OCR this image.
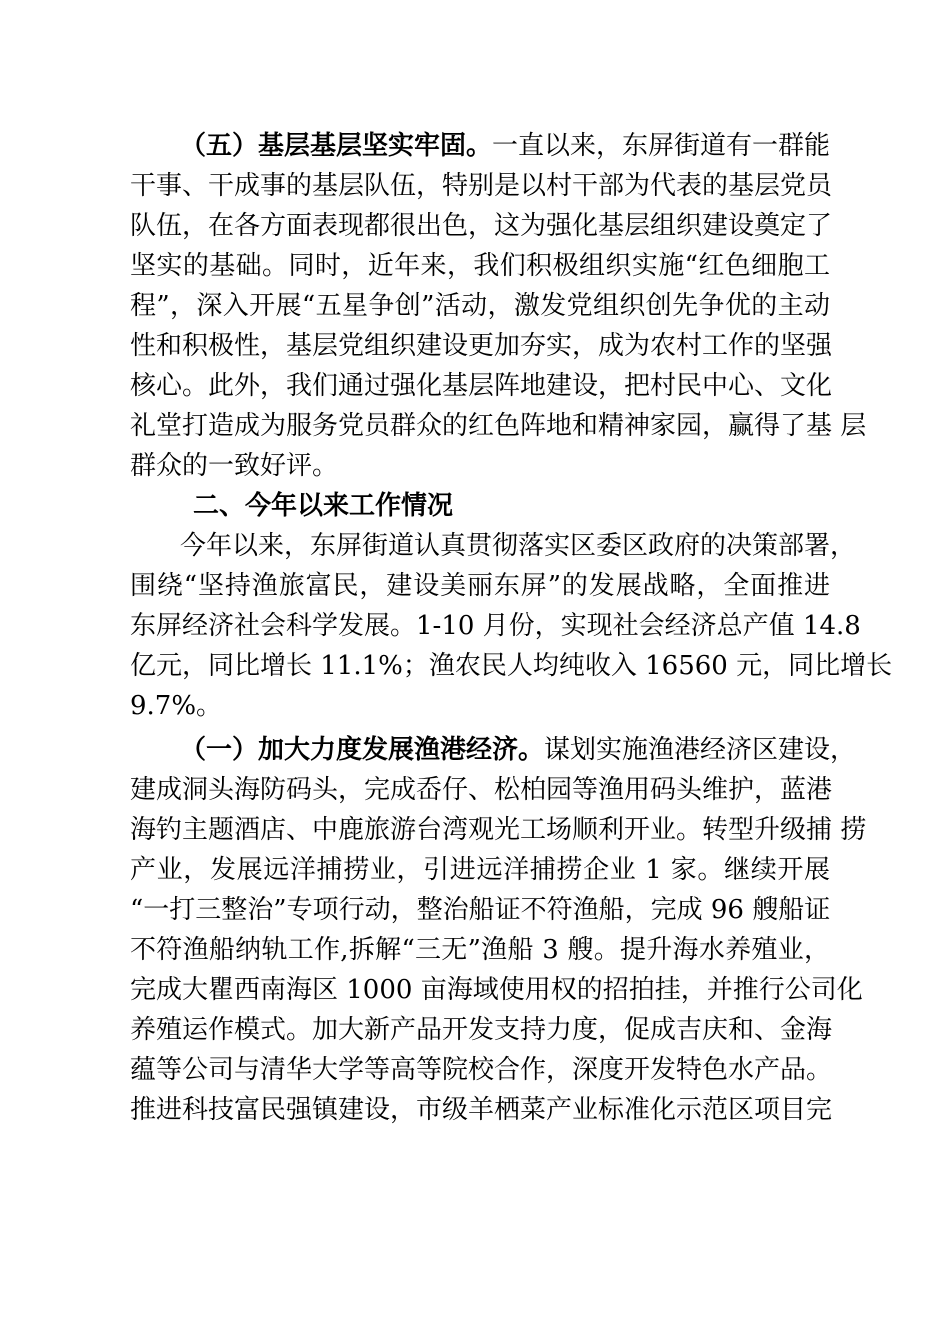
（五）基层基层坚实牢固。一直以来，东屏街道有一群能
干事、干成事的基层队伍，特别是以村干部为代表的基层党员
队伍，在各方面表现都很出色，这为强化基层组织建设奠定了
坚实的基础。同时，近年来，我们积极组织实施“红色细胞工
程”，深入开展“五星争创”活动，激发党组织创先争优的主动
性和积极性，基层党组织建设更加夯实，成为农村工作的坚强
核心。此外，我们通过强化基层阵地建设，把村民中心、文化
礼堂打造成为服务党员群众的红色阵地和精神家园，赢得了基 层
群众的一致好评。
二、今年以来工作情况
今年以来，东屏街道认真贯彻落实区委区政府的决策部署，
围绕“坚持渔旅富民，建设美丽东屏”的发展战略，全面推进
东屏经济社会科学发展。1-10 月份，实现社会经济总产值 14.8
亿元，同比增长 11.1%；渔农民人均纯收入 16560 元，同比增长
9.7%。
（一）加大力度发展渔港经济。谋划实施渔港经济区建设，
建成洞头海防码头，完成岙仔、松柏园等渔用码头维护，蓝港
海钓主题酒店、中鹿旅游台湾观光工场顺利开业。转型升级捕 捞
产业，发展远洋捕捞业，引进远洋捕捞企业 1 家。继续开展
“一打三整治”专项行动，整治船证不符渔船，完成 96 艘船证
不符渔船纳轨工作,拆解“三无”渔船 3 艘。提升海水养殖业，
完成大瞿西南海区 1000 亩海域使用权的招拍挂，并推行公司化
养殖运作模式。加大新产品开发支持力度，促成吉庆和、金海
蕴等公司与清华大学等高等院校合作，深度开发特色水产品。
推进科技富民强镇建设，市级羊栖菜产业标准化示范区项目完
